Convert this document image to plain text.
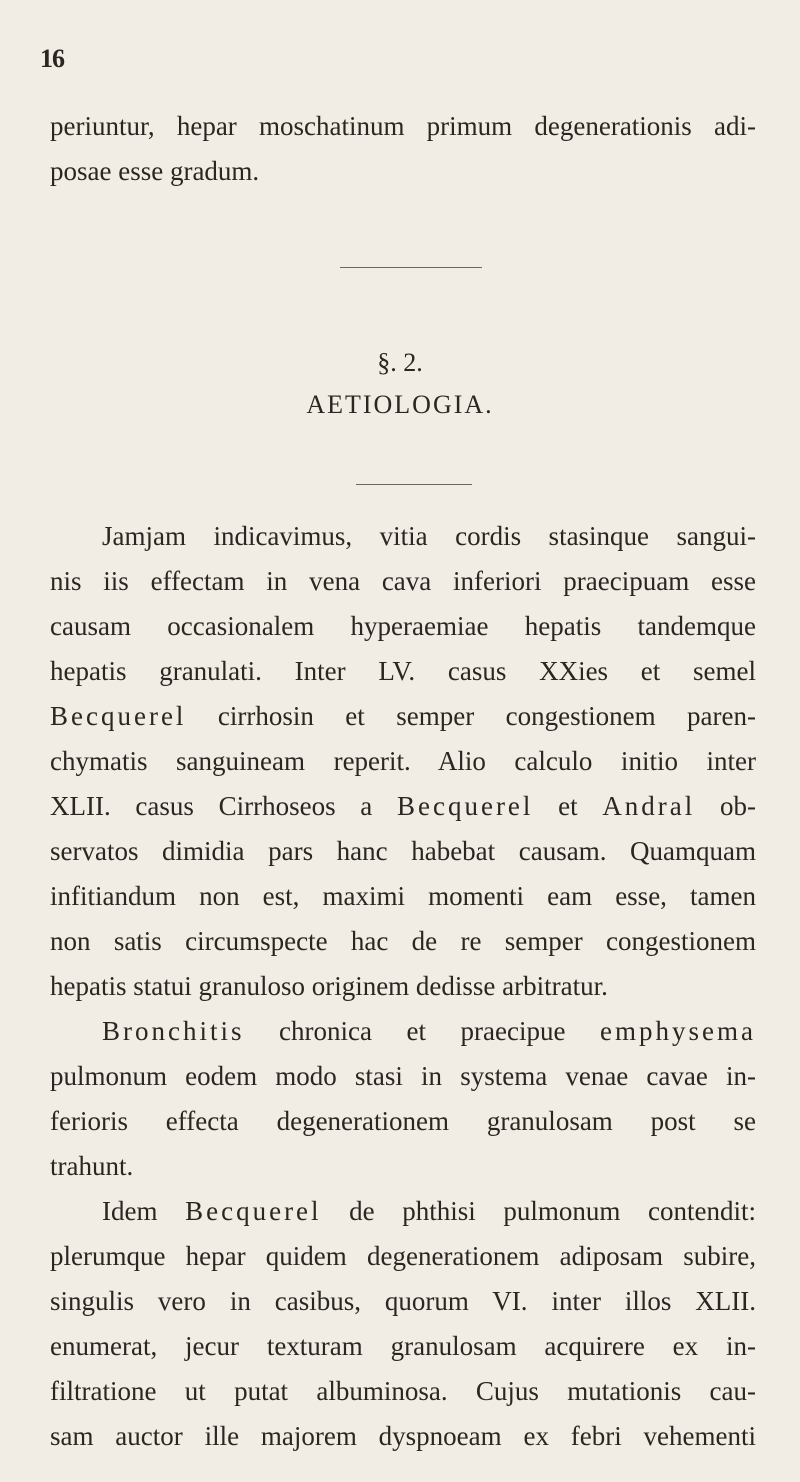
16
periuntur, hepar moschatinum primum degenerationis adi-
posae esse gradum.
§. 2.
AETIOLOGIA.
Jamjam indicavimus, vitia cordis stasinque sangui-
nis iis effectam in vena cava inferiori praecipuam esse
causam occasionalem hyperaemiae hepatis tandemque
hepatis granulati. Inter LV. casus XXies et semel
Becquerel cirrhosin et semper congestionem paren-
chymatis sanguineam reperit. Alio calculo initio inter
XLII. casus Cirrhoseos a Becquerel et Andral ob-
servatos dimidia pars hanc habebat causam. Quamquam
infitiandum non est, maximi momenti eam esse, tamen
non satis circumspecte hac de re semper congestionem
hepatis statui granuloso originem dedisse arbitratur.
Bronchitis chronica et praecipue emphysema
pulmonum eodem modo stasi in systema venae cavae in-
ferioris effecta degenerationem granulosam post se
trahunt.
Idem Becquerel de phthisi pulmonum contendit:
plerumque hepar quidem degenerationem adiposam subire,
singulis vero in casibus, quorum VI. inter illos XLII.
enumerat, jecur texturam granulosam acquirere ex in-
filtratione ut putat albuminosa. Cujus mutationis cau-
sam auctor ille majorem dyspnoeam ex febri vehementi
